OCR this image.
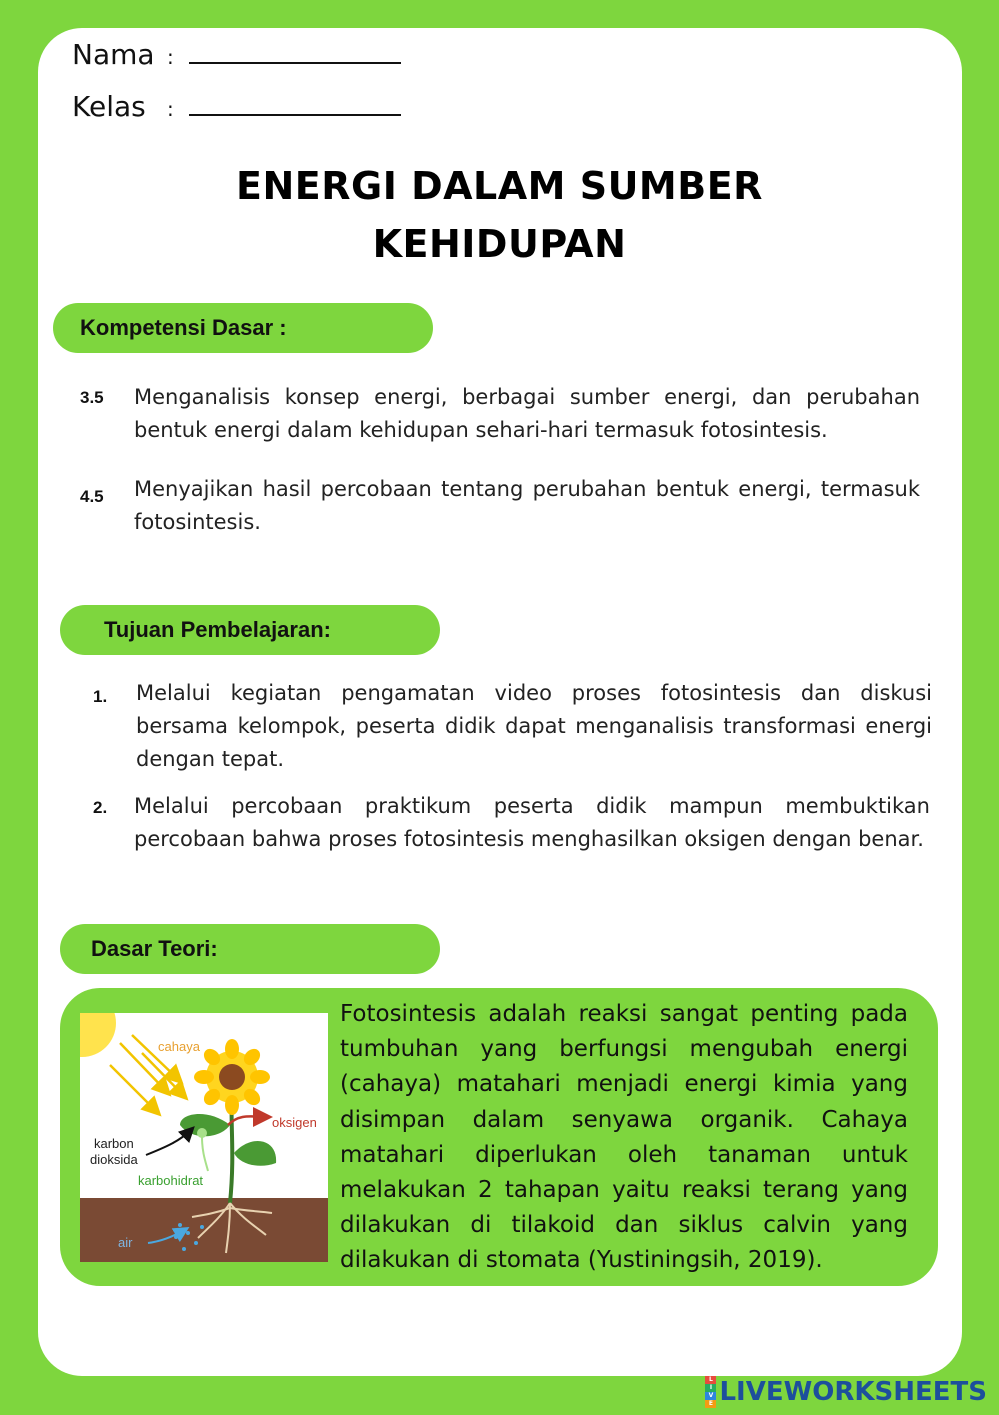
Nama :
Kelas	:
ENERGI DALAM SUMBER
KEHIDUPAN
Kompetensi Dasar :
3.5 Menganalisis konsep energi, berbagai sumber energi, dan perubahan bentuk energi dalam kehidupan sehari-hari termasuk fotosintesis.

4.5 Menyajikan hasil percobaan tentang perubahan bentuk energi, termasuk fotosintesis.

Tujuan Pembelajaran:
1. Melalui kegiatan pengamatan video proses fotosintesis dan diskusi bersama kelompok, peserta didik dapat menganalisis transformasi energi dengan tepat.

2. Melalui percobaan praktikum peserta didik mampun membuktikan percobaan bahwa proses fotosintesis menghasilkan oksigen dengan benar.

Dasar Teori:
cahaya
oksigen
karbon
dioksida
karbohidrat
air

Fotosintesis adalah reaksi sangat penting pada tumbuhan yang berfungsi mengubah energi (cahaya) matahari menjadi energi kimia yang disimpan dalam senyawa organik. Cahaya matahari diperlukan oleh tanaman untuk melakukan 2 tahapan yaitu reaksi terang yang dilakukan di tilakoid dan siklus calvin yang dilakukan di stomata (Yustiningsih, 2019).

L
I
V
E LIVEWORKSHEETS
